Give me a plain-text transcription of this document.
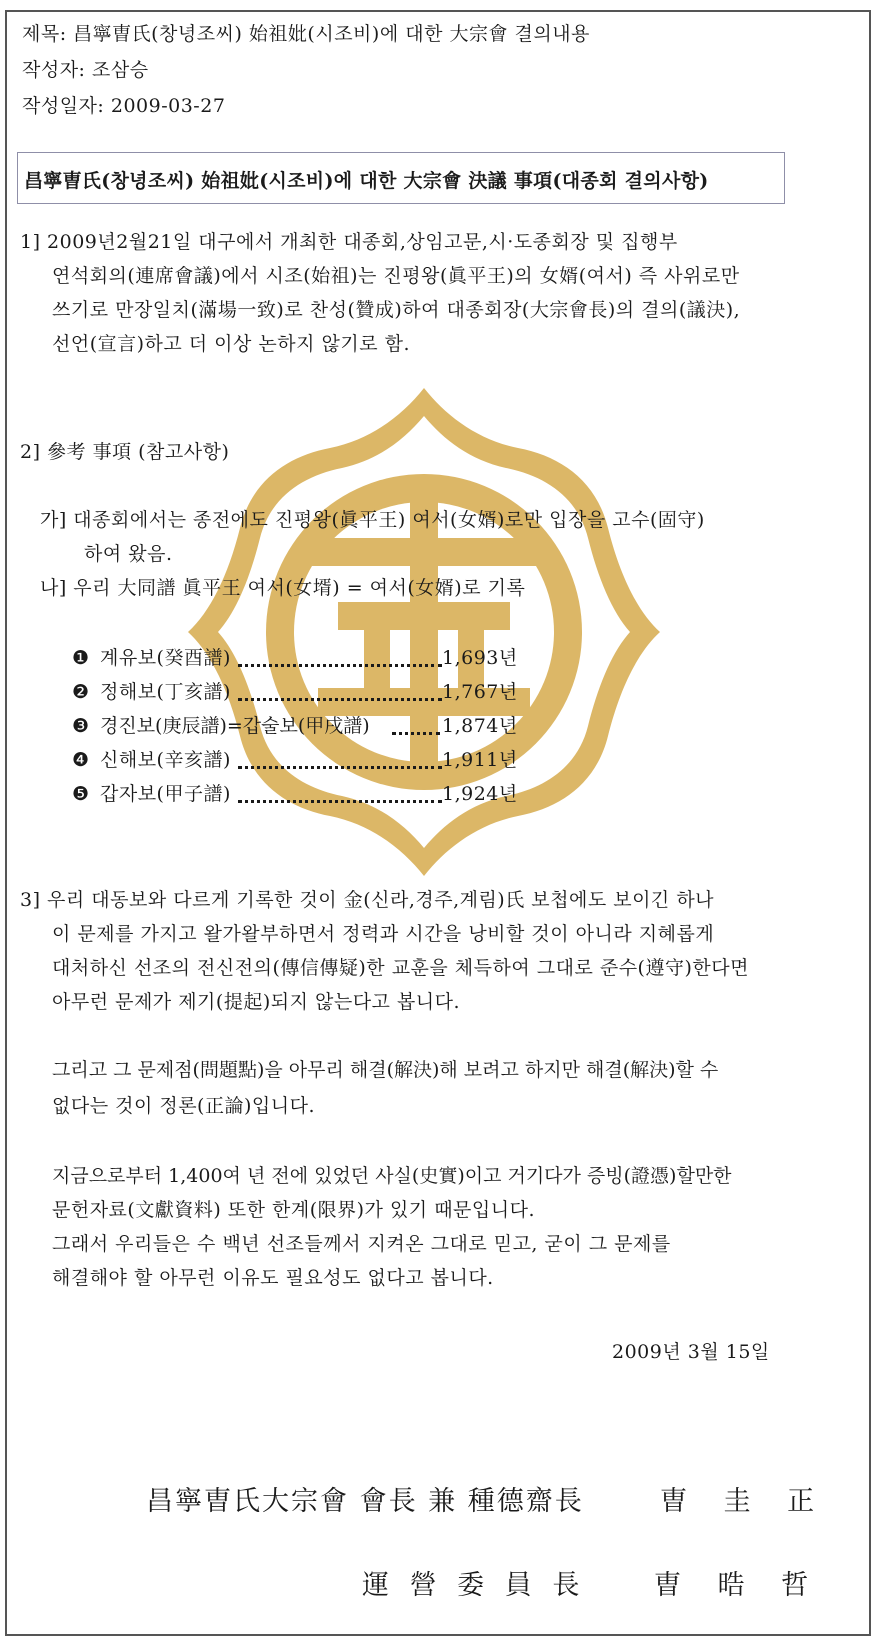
제목: 昌寧曺氏(창녕조씨) 始祖妣(시조비)에 대한 大宗會 결의내용
작성자: 조삼승
작성일자: 2009-03-27
昌寧曺氏(창녕조씨) 始祖妣(시조비)에 대한 大宗會 決議 事項(대종회 결의사항)
1] 2009년2월21일 대구에서 개최한 대종회,상임고문,시·도종회장 및 집행부
연석회의(連席會議)에서 시조(始祖)는 진평왕(眞平王)의 女婿(여서) 즉 사위로만
쓰기로 만장일치(滿場一致)로 찬성(贊成)하여 대종회장(大宗會長)의 결의(議決),
선언(宣言)하고 더 이상 논하지 않기로 함.
2] 參考 事項 (참고사항)
가] 대종회에서는 종전에도 진평왕(眞平王) 여서(女婿)로만 입장을 고수(固守)
하여 왔음.
나] 우리 大同譜 眞平王 여서(女壻) = 여서(女婿)로 기록
❶ 계유보(癸酉譜)	1,693년
❷ 정해보(丁亥譜)	1,767년
❸ 경진보(庚辰譜)=갑술보(甲戌譜)	1,874년
❹ 신해보(辛亥譜)	1,911년
❺ 갑자보(甲子譜)	1,924년
3] 우리 대동보와 다르게 기록한 것이 金(신라,경주,계림)氏 보첩에도 보이긴 하나
이 문제를 가지고 왈가왈부하면서 정력과 시간을 낭비할 것이 아니라 지혜롭게
대처하신 선조의 전신전의(傳信傳疑)한 교훈을 체득하여 그대로 준수(遵守)한다면
아무런 문제가 제기(提起)되지 않는다고 봅니다.
그리고 그 문제점(問題點)을 아무리 해결(解決)해 보려고 하지만 해결(解決)할 수
없다는 것이 정론(正論)입니다.
지금으로부터 1,400여 년 전에 있었던 사실(史實)이고 거기다가 증빙(證憑)할만한
문헌자료(文獻資料) 또한 한계(限界)가 있기 때문입니다.
그래서 우리들은 수 백년 선조들께서 지켜온 그대로 믿고, 굳이 그 문제를
해결해야 할 아무런 이유도 필요성도 없다고 봅니다.
2009년 3월 15일
昌寧曺氏大宗會 會長 兼 種德齋長	曺 圭 正
運 營 委 員 長	曺 晧 哲
